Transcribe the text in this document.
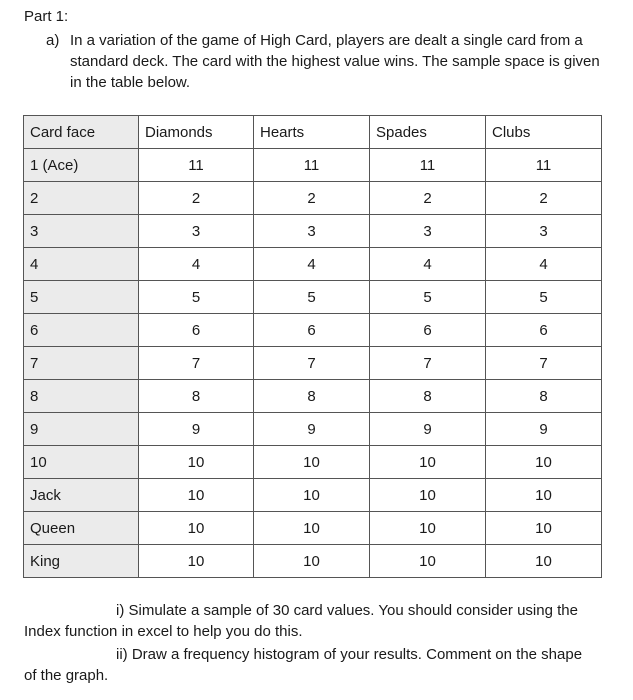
Part 1:
a) In a variation of the game of High Card, players are dealt a single card from a standard deck. The card with the highest value wins. The sample space is given in the table below.
Card face	Diamonds	Hearts	Spades	Clubs
1 (Ace)	11	11	11	11
2	2	2	2	2
3	3	3	3	3
4	4	4	4	4
5	5	5	5	5
6	6	6	6	6
7	7	7	7	7
8	8	8	8	8
9	9	9	9	9
10	10	10	10	10
Jack	10	10	10	10
Queen	10	10	10	10
King	10	10	10	10
i) Simulate a sample of 30 card values. You should consider using the
Index function in excel to help you do this.
ii) Draw a frequency histogram of your results. Comment on the shape
of the graph.
